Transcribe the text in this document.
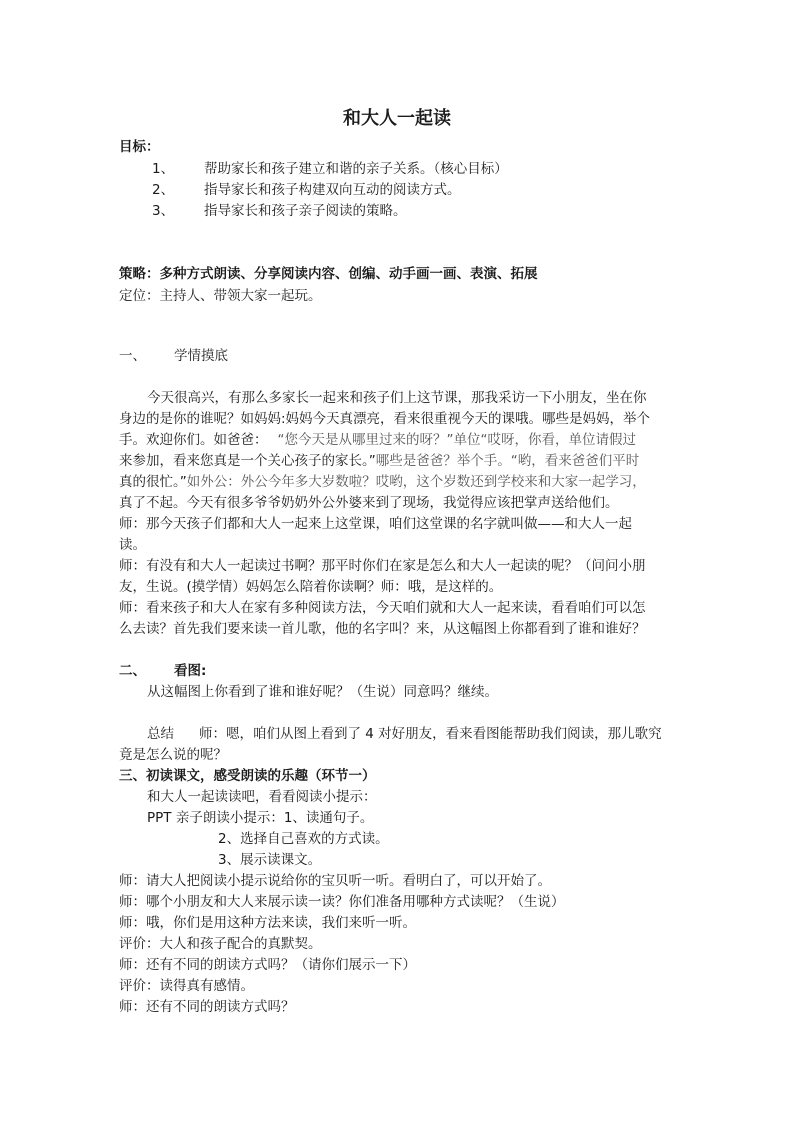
和大人一起读
目标：
1、 帮助家长和孩子建立和谐的亲子关系。（核心目标）
2、 指导家长和孩子构建双向互动的阅读方式。
3、 指导家长和孩子亲子阅读的策略。
策略：多种方式朗读、分享阅读内容、创编、动手画一画、表演、拓展
定位：主持人、带领大家一起玩。
一、 学情摸底
今天很高兴，有那么多家长一起来和孩子们上这节课，那我采访一下小朋友，坐在你
身边的是你的谁呢？如妈妈:妈妈今天真漂亮，看来很重视今天的课哦。哪些是妈妈，举个
手。欢迎你们。如爸爸： “您今天是从哪里过来的呀？”单位“哎呀，你看，单位请假过
来参加，看来您真是一个关心孩子的家长。”哪些是爸爸？举个手。“哟，看来爸爸们平时
真的很忙。”如外公：外公今年多大岁数啦？哎哟，这个岁数还到学校来和大家一起学习，
真了不起。今天有很多爷爷奶奶外公外婆来到了现场，我觉得应该把掌声送给他们。
师：那今天孩子们都和大人一起来上这堂课，咱们这堂课的名字就叫做——和大人一起
读。
师：有没有和大人一起读过书啊？那平时你们在家是怎么和大人一起读的呢？（问问小朋
友，生说。(摸学情）妈妈怎么陪着你读啊？师：哦，是这样的。
师：看来孩子和大人在家有多种阅读方法，今天咱们就和大人一起来读，看看咱们可以怎
么去读？首先我们要来读一首儿歌，他的名字叫？来，从这幅图上你都看到了谁和谁好？
二、 看图:
从这幅图上你看到了谁和谁好呢？（生说）同意吗？继续。
总结 师：嗯，咱们从图上看到了 4 对好朋友，看来看图能帮助我们阅读，那儿歌究
竟是怎么说的呢？
三、初读课文，感受朗读的乐趣（环节一）
和大人一起读读吧，看看阅读小提示：
PPT 亲子朗读小提示：1、读通句子。
2、选择自己喜欢的方式读。
3、展示读课文。
师：请大人把阅读小提示说给你的宝贝听一听。看明白了，可以开始了。
师：哪个小朋友和大人来展示读一读？你们准备用哪种方式读呢？（生说）
师：哦，你们是用这种方法来读，我们来听一听。
评价：大人和孩子配合的真默契。
师：还有不同的朗读方式吗？（请你们展示一下）
评价：读得真有感情。
师：还有不同的朗读方式吗？
